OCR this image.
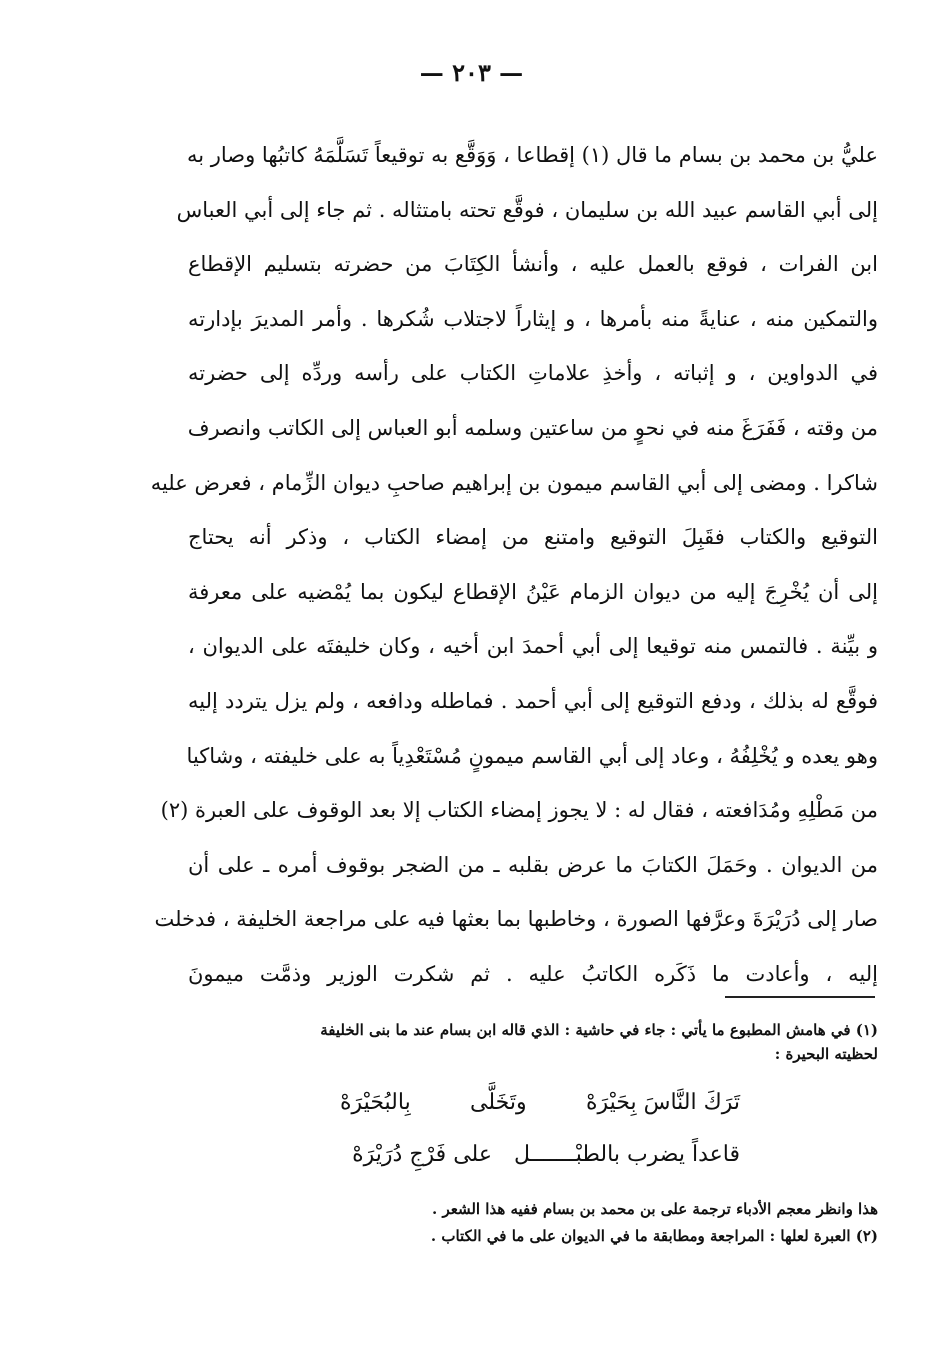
— ٢٠٣ —
عليُّ بن محمد بن بسام ما قال (١) إقطاعا ، وَوَقَّع به توقيعاً تَسَلَّمَهُ كاتبُها وصار به
إلى أبي القاسم عبيد الله بن سليمان ، فوقَّع تحته بامتثاله . ثم جاء إلى أبي العباس
ابن الفرات ، فوقع بالعمل عليه ، وأنشأ الكِتَابَ من حضرته بتسليم الإقطاع
والتمكين منه ، عنايةً منه بأمرها ، و إيثاراً لاجتلاب شُكرها . وأمر المديرَ بإدارته
في الدواوين ، و إثباته ، وأخذِ علاماتِ الكتاب على رأسه وردِّه إلى حضرته
من وقته ، فَفَرَغَ منه في نحوٍ من ساعتين وسلمه أبو العباس إلى الكاتب وانصرف
شاكرا . ومضى إلى أبي القاسم ميمون بن إبراهيم صاحبِ ديوان الزِّمام ، فعرض عليه
التوقيع والكتاب فقَبِلَ التوقيع وامتنع من إمضاء الكتاب ، وذكر أنه يحتاج
إلى أن يُخْرِجَ إليه من ديوان الزمام عَيْنُ الإقطاع ليكون بما يُمْضيه على معرفة
و بيِّنة . فالتمس منه توقيعا إلى أبي أحمدَ ابن أخيه ، وكان خليفتَه على الديوان ،
فوقَّع له بذلك ، ودفع التوقيع إلى أبي أحمد . فماطله ودافعه ، ولم يزل يتردد إليه
وهو يعده و يُخْلِفُهُ ، وعاد إلى أبي القاسم ميمونٍ مُسْتَعْدِياً به على خليفته ، وشاكيا
من مَطْلِهِ ومُدَافعته ، فقال له : لا يجوز إمضاء الكتاب إلا بعد الوقوف على العبرة (٢)
من الديوان . وحَمَلَ الكتابَ ما عرض بقلبه ـ من الضجر بوقوف أمره ـ على أن
صار إلى دُرَيْرَةَ وعرَّفها الصورة ، وخاطبها بما بعثها فيه على مراجعة الخليفة ، فدخلت
إليه ، وأعادت ما ذَكَره الكاتبُ عليه . ثم شكرت الوزير وذمَّت ميمونَ
(١) في هامش المطبوع ما يأتي : جاء في حاشية : الذي قاله ابن بسام عند ما بنى الخليفة
لحظيته البحيرة :
تَرَكَ النَّاسَ بِحَيْرَهْ
وتَخَلَّى
بِالبُحَيْرَهْ
قاعداً يضرب بالطبْـــــــل
على فَرْجِ دُرَيْرَهْ
هذا وانظر معجم الأدباء ترجمة على بن محمد بن بسام ففيه هذا الشعر .
(٢) العبرة لعلها : المراجعة ومطابقة ما في الديوان على ما في الكتاب .
